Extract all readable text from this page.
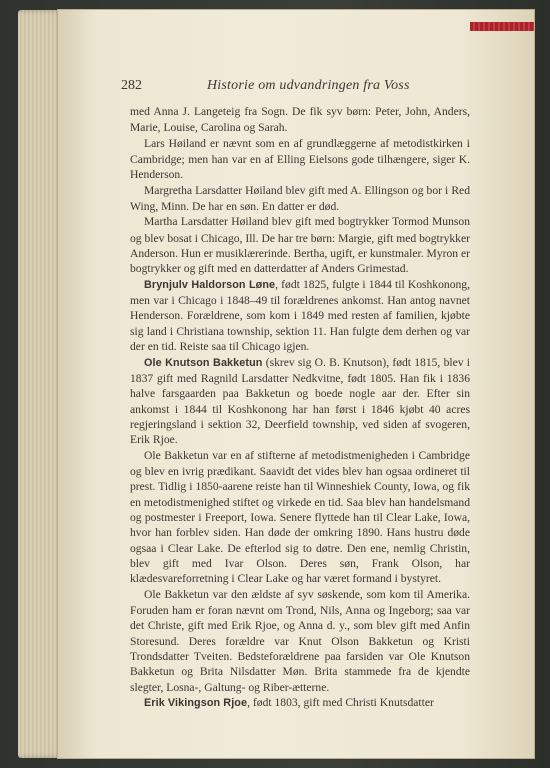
282	Historie om udvandringen fra Voss

med Anna J. Langeteig fra Sogn. De fik syv børn: Peter, John, Anders, Marie, Louise, Carolina og Sarah.

Lars Høiland er nævnt som en af grundlæggerne af metodistkirken i Cambridge; men han var en af Elling Eielsons gode tilhængere, siger K. Henderson.

Margretha Larsdatter Høiland blev gift med A. Ellingson og bor i Red Wing, Minn. De har en søn. En datter er død.

Martha Larsdatter Høiland blev gift med bogtrykker Tormod Munson og blev bosat i Chicago, Ill. De har tre børn: Margie, gift med bogtrykker Anderson. Hun er musiklærerinde. Bertha, ugift, er kunstmaler. Myron er bogtrykker og gift med en datterdatter af Anders Grimestad.

Brynjulv Haldorson Løne, født 1825, fulgte i 1844 til Koshkonong, men var i Chicago i 1848–49 til forældrenes ankomst. Han antog navnet Henderson. Forældrene, som kom i 1849 med resten af familien, kjøbte sig land i Christiana township, sektion 11. Han fulgte dem derhen og var der en tid. Reiste saa til Chicago igjen.

Ole Knutson Bakketun (skrev sig O. B. Knutson), født 1815, blev i 1837 gift med Ragnild Larsdatter Nedkvitne, født 1805. Han fik i 1836 halve farsgaarden paa Bakketun og boede nogle aar der. Efter sin ankomst i 1844 til Koshkonong har han først i 1846 kjøbt 40 acres regjeringsland i sektion 32, Deerfield township, ved siden af svogeren, Erik Rjoe.

Ole Bakketun var en af stifterne af metodistmenigheden i Cambridge og blev en ivrig prædikant. Saavidt det vides blev han ogsaa ordineret til prest. Tidlig i 1850-aarene reiste han til Winneshiek County, Iowa, og fik en metodistmenighed stiftet og virkede en tid. Saa blev han handelsmand og postmester i Freeport, Iowa. Senere flyttede han til Clear Lake, Iowa, hvor han forblev siden. Han døde der omkring 1890. Hans hustru døde ogsaa i Clear Lake. De efterlod sig to døtre. Den ene, nemlig Christin, blev gift med Ivar Olson. Deres søn, Frank Olson, har klædesvareforretning i Clear Lake og har været formand i bystyret.

Ole Bakketun var den ældste af syv søskende, som kom til Amerika. Foruden ham er foran nævnt om Trond, Nils, Anna og Ingeborg; saa var det Christe, gift med Erik Rjoe, og Anna d. y., som blev gift med Anfin Storesund. Deres forældre var Knut Olson Bakketun og Kristi Trondsdatter Tveiten. Bedsteforældrene paa farsiden var Ole Knutson Bakketun og Brita Nilsdatter Møn. Brita stammede fra de kjendte slegter, Losna-, Galtung- og Riber-ætterne.

Erik Vikingson Rjoe, født 1803, gift med Christi Knutsdatter
